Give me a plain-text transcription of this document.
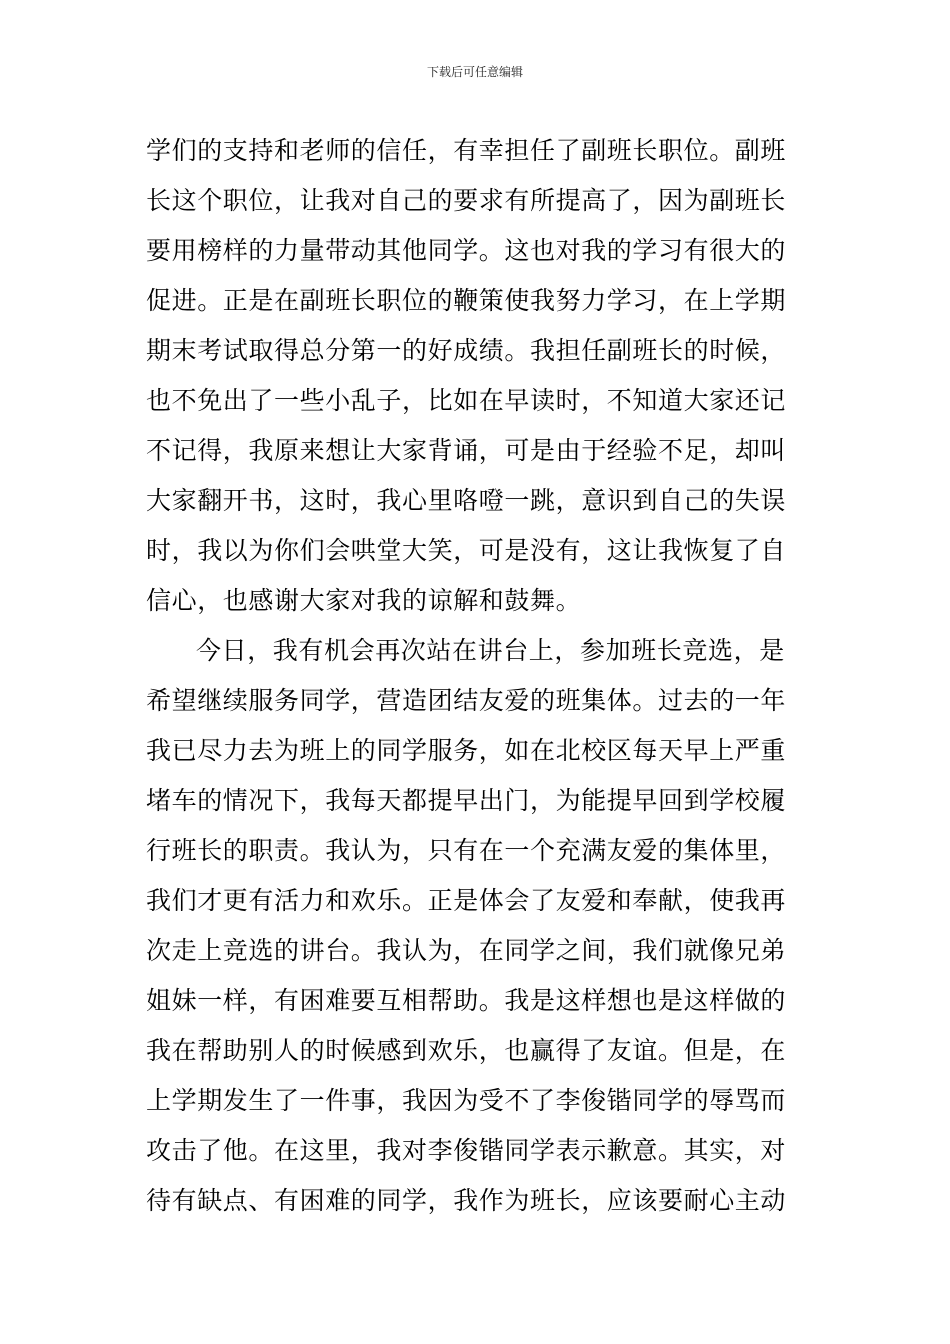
下载后可任意编辑
学们的支持和老师的信任，有幸担任了副班长职位。副班
长这个职位，让我对自己的要求有所提高了，因为副班长
要用榜样的力量带动其他同学。这也对我的学习有很大的
促进。正是在副班长职位的鞭策使我努力学习，在上学期
期末考试取得总分第一的好成绩。我担任副班长的时候，
也不免出了一些小乱子，比如在早读时，不知道大家还记
不记得，我原来想让大家背诵，可是由于经验不足，却叫
大家翻开书，这时，我心里咯噔一跳，意识到自己的失误
时，我以为你们会哄堂大笑，可是没有，这让我恢复了自
信心，也感谢大家对我的谅解和鼓舞。
今日，我有机会再次站在讲台上，参加班长竞选，是
希望继续服务同学，营造团结友爱的班集体。过去的一年
我已尽力去为班上的同学服务，如在北校区每天早上严重
堵车的情况下，我每天都提早出门，为能提早回到学校履
行班长的职责。我认为，只有在一个充满友爱的集体里，
我们才更有活力和欢乐。正是体会了友爱和奉献，使我再
次走上竞选的讲台。我认为，在同学之间，我们就像兄弟
姐妹一样，有困难要互相帮助。我是这样想也是这样做的
我在帮助别人的时候感到欢乐，也赢得了友谊。但是，在
上学期发生了一件事，我因为受不了李俊锴同学的辱骂而
攻击了他。在这里，我对李俊锴同学表示歉意。其实，对
待有缺点、有困难的同学，我作为班长，应该要耐心主动
